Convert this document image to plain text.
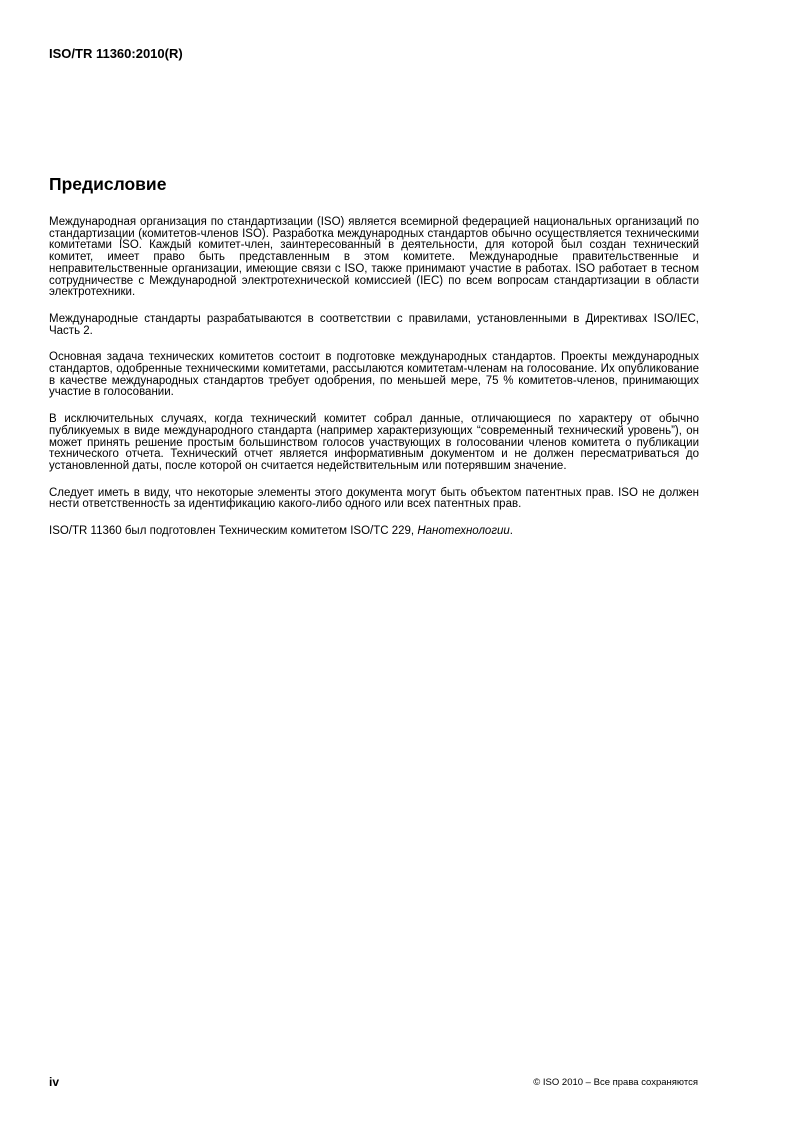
ISO/TR 11360:2010(R)
Предисловие

Международная организация по стандартизации (ISO) является всемирной федерацией национальных организаций по стандартизации (комитетов-членов ISO). Разработка международных стандартов обычно осуществляется техническими комитетами ISO. Каждый комитет-член, заинтересованный в деятельности, для которой был создан технический комитет, имеет право быть представленным в этом комитете. Международные правительственные и неправительственные организации, имеющие связи с ISO, также принимают участие в работах. ISO работает в тесном сотрудничестве с Международной электротехнической комиссией (IEC) по всем вопросам стандартизации в области электротехники.

Международные стандарты разрабатываются в соответствии с правилами, установленными в Директивах ISO/IEC, Часть 2.

Основная задача технических комитетов состоит в подготовке международных стандартов. Проекты международных стандартов, одобренные техническими комитетами, рассылаются комитетам-членам на голосование. Их опубликование в качестве международных стандартов требует одобрения, по меньшей мере, 75 % комитетов-членов, принимающих участие в голосовании.

В исключительных случаях, когда технический комитет собрал данные, отличающиеся по характеру от обычно публикуемых в виде международного стандарта (например характеризующих “современный технический уровень”), он может принять решение простым большинством голосов участвующих в голосовании членов комитета о публикации технического отчета. Технический отчет является информативным документом и не должен пересматриваться до установленной даты, после которой он считается недействительным или потерявшим значение.

Следует иметь в виду, что некоторые элементы этого документа могут быть объектом патентных прав. ISO не должен нести ответственность за идентификацию какого-либо одного или всех патентных прав.

ISO/TR 11360 был подготовлен Техническим комитетом ISO/TC 229, Нанотехнологии.

iv	© ISO 2010 – Все права сохраняются
